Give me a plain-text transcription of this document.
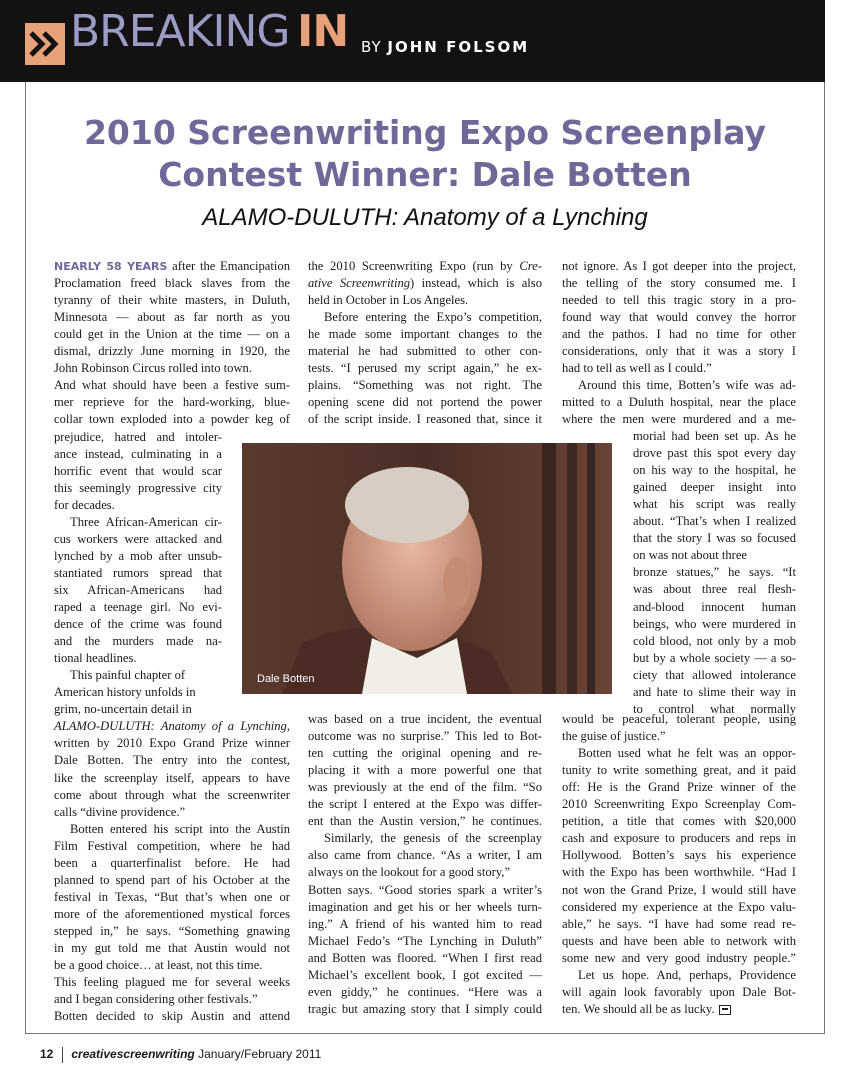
BREAKING IN BY JOHN FOLSOM
2010 Screenwriting Expo Screenplay
Contest Winner: Dale Botten
ALAMO-DULUTH: Anatomy of a Lynching
Dale Botten
NEARLY 58 YEARS after the Emancipation
Proclamation freed black slaves from the
tyranny of their white masters, in Duluth,
Minnesota — about as far north as you
could get in the Union at the time — on a
dismal, drizzly June morning in 1920, the
John Robinson Circus rolled into town.
And what should have been a festive sum-
mer reprieve for the hard-working, blue-
collar town exploded into a powder keg of
prejudice, hatred and intoler-
ance instead, culminating in a
horrific event that would scar
this seemingly progressive city
for decades.
Three African-American cir-
cus workers were attacked and
lynched by a mob after unsub-
stantiated rumors spread that
six African-Americans had
raped a teenage girl. No evi-
dence of the crime was found
and the murders made na-
tional headlines.
This painful chapter of
American history unfolds in
grim, no-uncertain detail in
ALAMO-DULUTH: Anatomy of a Lynching,
written by 2010 Expo Grand Prize winner
Dale Botten. The entry into the contest,
like the screenplay itself, appears to have
come about through what the screenwriter
calls “divine providence.”
Botten entered his script into the Austin
Film Festival competition, where he had
been a quarterfinalist before. He had
planned to spend part of his October at the
festival in Texas, “But that’s when one or
more of the aforementioned mystical forces
stepped in,” he says. “Something gnawing
in my gut told me that Austin would not
be a good choice… at least, not this time.
This feeling plagued me for several weeks
and I began considering other festivals.”
Botten decided to skip Austin and attend
the 2010 Screenwriting Expo (run by Cre-
ative Screenwriting) instead, which is also
held in October in Los Angeles.
Before entering the Expo’s competition,
he made some important changes to the
material he had submitted to other con-
tests. “I perused my script again,” he ex-
plains. “Something was not right. The
opening scene did not portend the power
of the script inside. I reasoned that, since it
was based on a true incident, the eventual
outcome was no surprise.” This led to Bot-
ten cutting the original opening and re-
placing it with a more powerful one that
was previously at the end of the film. “So
the script I entered at the Expo was differ-
ent than the Austin version,” he continues.
Similarly, the genesis of the screenplay
also came from chance. “As a writer, I am
always on the lookout for a good story,”
Botten says. “Good stories spark a writer’s
imagination and get his or her wheels turn-
ing.” A friend of his wanted him to read
Michael Fedo’s “The Lynching in Duluth”
and Botten was floored. “When I first read
Michael’s excellent book, I got excited —
even giddy,” he continues. “Here was a
tragic but amazing story that I simply could
not ignore. As I got deeper into the project,
the telling of the story consumed me. I
needed to tell this tragic story in a pro-
found way that would convey the horror
and the pathos. I had no time for other
considerations, only that it was a story I
had to tell as well as I could.”
Around this time, Botten’s wife was ad-
mitted to a Duluth hospital, near the place
where the men were murdered and a me-
morial had been set up. As he
drove past this spot every day
on his way to the hospital, he
gained deeper insight into
what his script was really
about. “That’s when I realized
that the story I was so focused
on was not about three
bronze statues,” he says. “It
was about three real flesh-
and-blood innocent human
beings, who were murdered in
cold blood, not only by a mob
but by a whole society — a so-
ciety that allowed intolerance
and hate to slime their way in
to control what normally
would be peaceful, tolerant people, using
the guise of justice.”
Botten used what he felt was an oppor-
tunity to write something great, and it paid
off: He is the Grand Prize winner of the
2010 Screenwriting Expo Screenplay Com-
petition, a title that comes with $20,000
cash and exposure to producers and reps in
Hollywood. Botten’s says his experience
with the Expo has been worthwhile. “Had I
not won the Grand Prize, I would still have
considered my experience at the Expo valu-
able,” he says. “I have had some read re-
quests and have been able to network with
some new and very good industry people.”
Let us hope. And, perhaps, Providence
will again look favorably upon Dale Bot-
ten. We should all be as lucky.
12 creativescreenwriting January/February 2011
